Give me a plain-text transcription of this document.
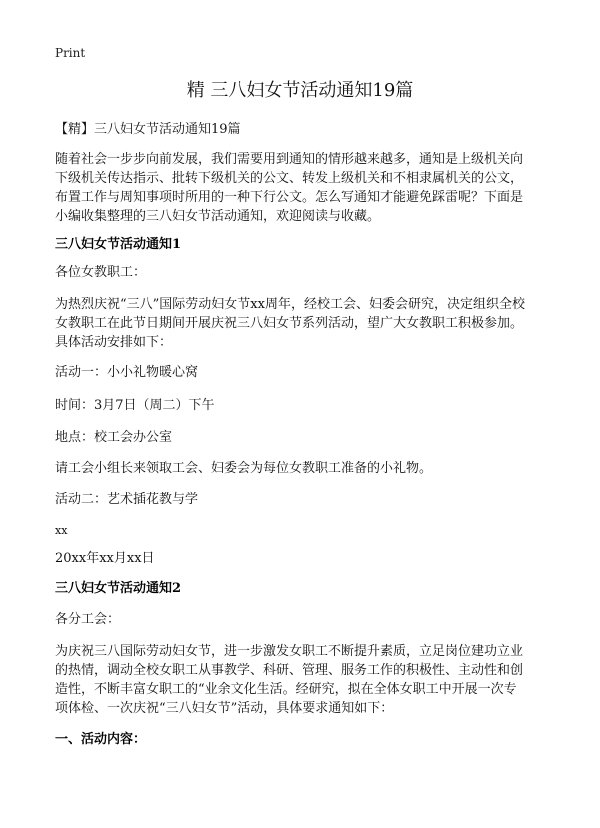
Print
精 三八妇女节活动通知19篇
【精】三八妇女节活动通知19篇
随着社会一步步向前发展，我们需要用到通知的情形越来越多，通知是上级机关向
下级机关传达指示、批转下级机关的公文、转发上级机关和不相隶属机关的公文，
布置工作与周知事项时所用的一种下行公文。怎么写通知才能避免踩雷呢？下面是
小编收集整理的三八妇女节活动通知，欢迎阅读与收藏。
三八妇女节活动通知1
各位女教职工：
为热烈庆祝“三八”国际劳动妇女节xx周年，经校工会、妇委会研究，决定组织全校
女教职工在此节日期间开展庆祝三八妇女节系列活动，望广大女教职工积极参加。
具体活动安排如下：
活动一：小小礼物暖心窝
时间：3月7日（周二）下午
地点：校工会办公室
请工会小组长来领取工会、妇委会为每位女教职工准备的小礼物。
活动二：艺术插花教与学
xx
20xx年xx月xx日
三八妇女节活动通知2
各分工会：
为庆祝三八国际劳动妇女节，进一步激发女职工不断提升素质，立足岗位建功立业
的热情，调动全校女职工从事教学、科研、管理、服务工作的积极性、主动性和创
造性，不断丰富女职工的“业余文化生活。经研究，拟在全体女职工中开展一次专
项体检、一次庆祝“三八妇女节”活动，具体要求通知如下：
一、活动内容：
